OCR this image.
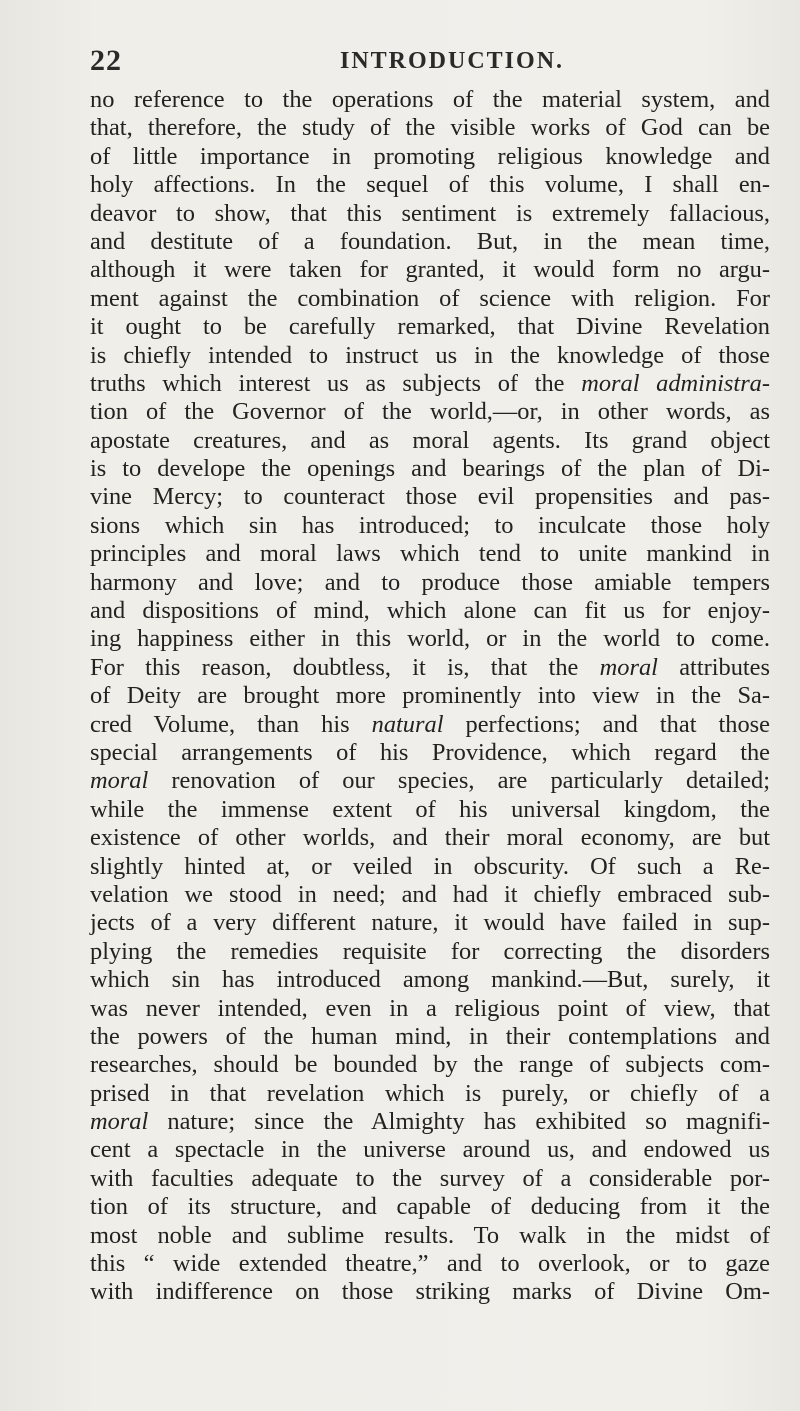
22	INTRODUCTION.
no reference to the operations of the material system, and
that, therefore, the study of the visible works of God can be
of little importance in promoting religious knowledge and
holy affections. In the sequel of this volume, I shall en-
deavor to show, that this sentiment is extremely fallacious,
and destitute of a foundation. But, in the mean time,
although it were taken for granted, it would form no argu-
ment against the combination of science with religion. For
it ought to be carefully remarked, that Divine Revelation
is chiefly intended to instruct us in the knowledge of those
truths which interest us as subjects of the moral administra-
tion of the Governor of the world,—or, in other words, as
apostate creatures, and as moral agents. Its grand object
is to develope the openings and bearings of the plan of Di-
vine Mercy; to counteract those evil propensities and pas-
sions which sin has introduced; to inculcate those holy
principles and moral laws which tend to unite mankind in
harmony and love; and to produce those amiable tempers
and dispositions of mind, which alone can fit us for enjoy-
ing happiness either in this world, or in the world to come.
For this reason, doubtless, it is, that the moral attributes
of Deity are brought more prominently into view in the Sa-
cred Volume, than his natural perfections; and that those
special arrangements of his Providence, which regard the
moral renovation of our species, are particularly detailed;
while the immense extent of his universal kingdom, the
existence of other worlds, and their moral economy, are but
slightly hinted at, or veiled in obscurity. Of such a Re-
velation we stood in need; and had it chiefly embraced sub-
jects of a very different nature, it would have failed in sup-
plying the remedies requisite for correcting the disorders
which sin has introduced among mankind.—But, surely, it
was never intended, even in a religious point of view, that
the powers of the human mind, in their contemplations and
researches, should be bounded by the range of subjects com-
prised in that revelation which is purely, or chiefly of a
moral nature; since the Almighty has exhibited so magnifi-
cent a spectacle in the universe around us, and endowed us
with faculties adequate to the survey of a considerable por-
tion of its structure, and capable of deducing from it the
most noble and sublime results. To walk in the midst of
this “ wide extended theatre,” and to overlook, or to gaze
with indifference on those striking marks of Divine Om-
